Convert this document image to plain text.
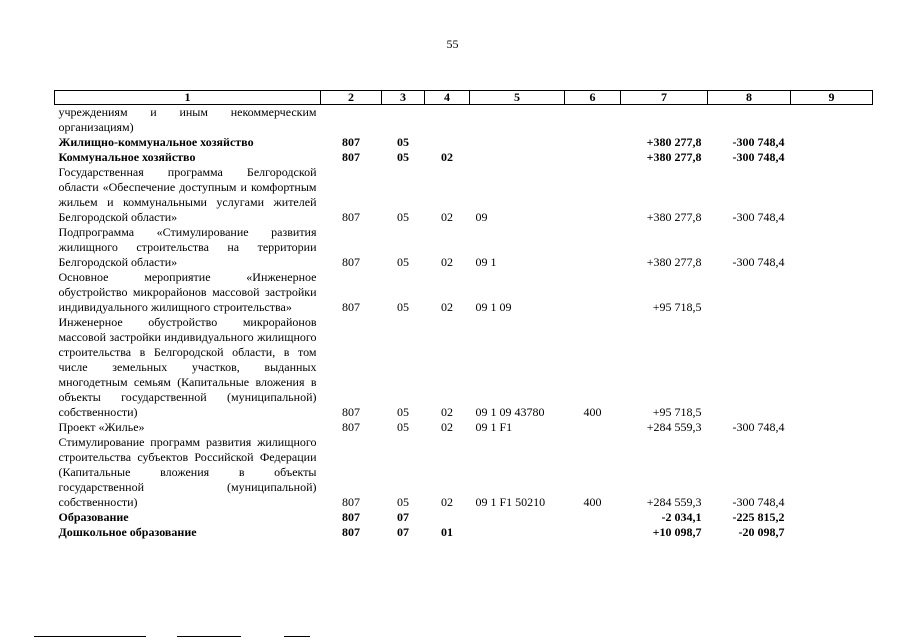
55
1	2	3	4	5	6	7	8	9
учреждениям и иным некоммерческим организациям)								
Жилищно-коммунальное хозяйство	807	05				+380 277,8	-300 748,4	
Коммунальное хозяйство	807	05	02			+380 277,8	-300 748,4	
Государственная программа Белгородской области «Обеспечение доступным и комфортным жильем и коммунальными услугами жителей Белгородской области»	807	05	02	09		+380 277,8	-300 748,4	
Подпрограмма «Стимулирование развития жилищного строительства на территории Белгородской области»	807	05	02	09 1		+380 277,8	-300 748,4	
Основное мероприятие «Инженерное обустройство микрорайонов массовой застройки индивидуального жилищного строительства»	807	05	02	09 1 09		+95 718,5		
Инженерное обустройство микрорайонов массовой застройки индивидуального жилищного строительства в Белгородской области, в том числе земельных участков, выданных многодетным семьям (Капитальные вложения в объекты государственной (муниципальной) собственности)	807	05	02	09 1 09 43780	400	+95 718,5		
Проект «Жилье»	807	05	02	09 1 F1		+284 559,3	-300 748,4	
Стимулирование программ развития жилищного строительства субъектов Российской Федерации (Капитальные вложения в объекты государственной (муниципальной) собственности)	807	05	02	09 1 F1 50210	400	+284 559,3	-300 748,4	
Образование	807	07				-2 034,1	-225 815,2	
Дошкольное образование	807	07	01			+10 098,7	-20 098,7	
